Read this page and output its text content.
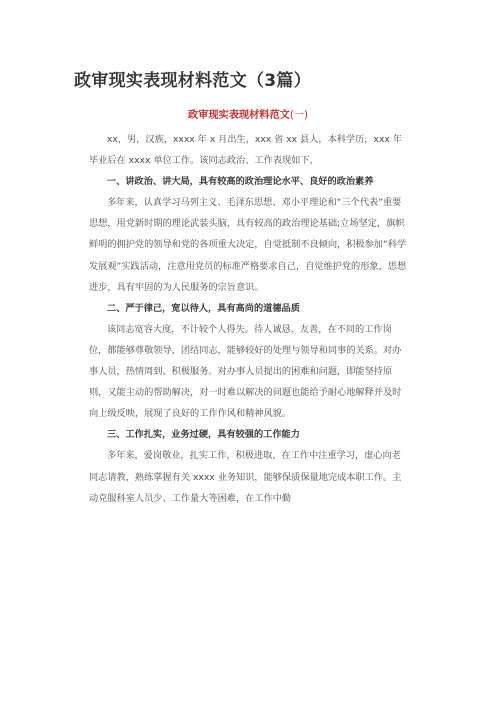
政审现实表现材料范文（3篇）
政审现实表现材料范文(一)

xx，男，汉族，xxxx 年 x 月出生，xxx 省 xx 县人，本科学历，xxx 年毕业后在 xxxx 单位工作。该同志政治、工作表现如下，

一、讲政治、讲大局，具有较高的政治理论水平、良好的政治素养

多年来，认真学习马列主义、毛泽东思想、邓小平理论和“三个代表”重要思想，用党新时期的理论武装头脑，具有较高的政治理论基础;立场坚定，旗帜鲜明的拥护党的领导和党的各项重大决定，自觉抵制不良倾向，积极参加“科学发展观”实践活动，注意用党员的标准严格要求自己，自觉维护党的形象，思想进步，具有牢固的为人民服务的宗旨意识。

二、严于律己，宽以待人，具有高尚的道德品质

该同志宽容大度，不计较个人得失。待人诚恳、友善，在不同的工作岗位，都能够尊敬领导，团结同志，能够较好的处理与领导和同事的关系。对办事人员，热情周到、积极服务。对办事人员提出的困难和问题，即能坚持原则，又能主动的帮助解决，对一时难以解决的问题也能给予耐心地解释并及时向上级反映，展现了良好的工作作风和精神风貌。

三、工作扎实，业务过硬，具有较强的工作能力

多年来，爱岗敬业，扎实工作，积极进取，在工作中注重学习，虚心向老同志请教，熟练掌握有关 xxxx 业务知识，能够保质保量地完成本职工作。主动克服科室人员少、工作量大等困难，在工作中勤
